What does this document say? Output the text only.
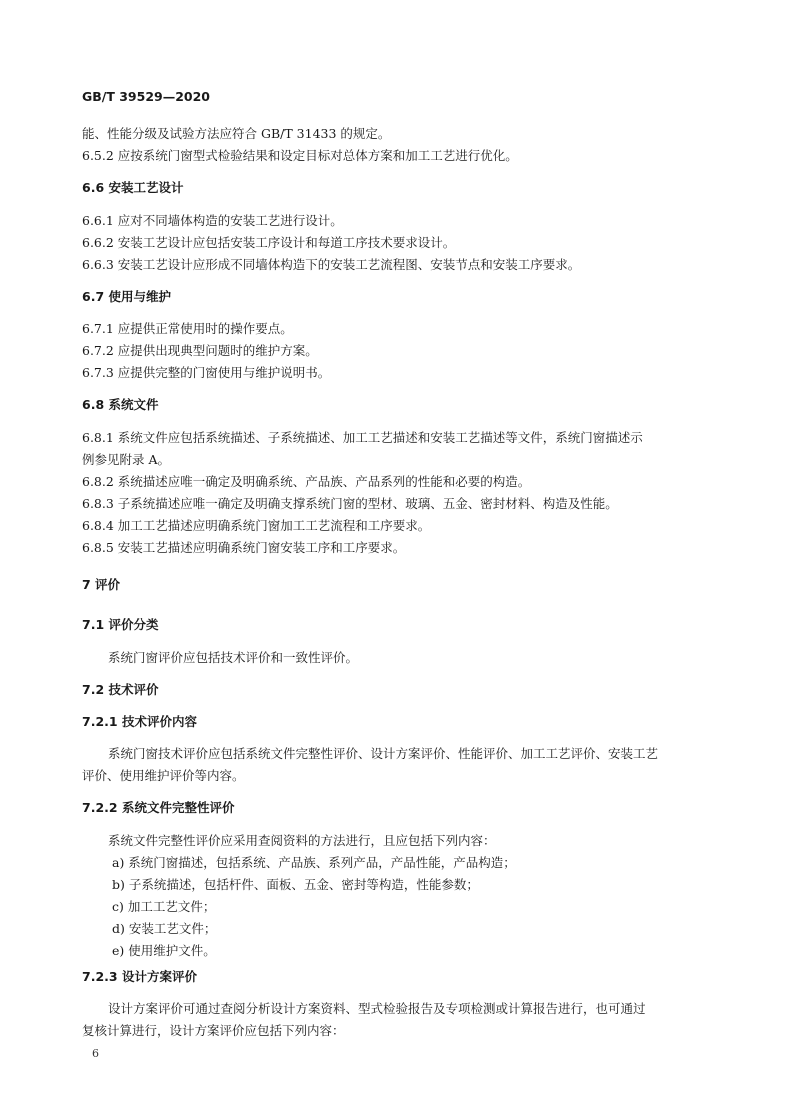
GB/T 39529—2020
能、性能分级及试验方法应符合 GB/T 31433 的规定。
6.5.2 应按系统门窗型式检验结果和设定目标对总体方案和加工工艺进行优化。
6.6 安装工艺设计
6.6.1 应对不同墙体构造的安装工艺进行设计。
6.6.2 安装工艺设计应包括安装工序设计和每道工序技术要求设计。
6.6.3 安装工艺设计应形成不同墙体构造下的安装工艺流程图、安装节点和安装工序要求。
6.7 使用与维护
6.7.1 应提供正常使用时的操作要点。
6.7.2 应提供出现典型问题时的维护方案。
6.7.3 应提供完整的门窗使用与维护说明书。
6.8 系统文件
6.8.1 系统文件应包括系统描述、子系统描述、加工工艺描述和安装工艺描述等文件，系统门窗描述示
例参见附录 A。
6.8.2 系统描述应唯一确定及明确系统、产品族、产品系列的性能和必要的构造。
6.8.3 子系统描述应唯一确定及明确支撑系统门窗的型材、玻璃、五金、密封材料、构造及性能。
6.8.4 加工工艺描述应明确系统门窗加工工艺流程和工序要求。
6.8.5 安装工艺描述应明确系统门窗安装工序和工序要求。
7 评价
7.1 评价分类
系统门窗评价应包括技术评价和一致性评价。
7.2 技术评价
7.2.1 技术评价内容
系统门窗技术评价应包括系统文件完整性评价、设计方案评价、性能评价、加工工艺评价、安装工艺
评价、使用维护评价等内容。
7.2.2 系统文件完整性评价
系统文件完整性评价应采用查阅资料的方法进行，且应包括下列内容：
a) 系统门窗描述，包括系统、产品族、系列产品，产品性能，产品构造；
b) 子系统描述，包括杆件、面板、五金、密封等构造，性能参数；
c) 加工工艺文件；
d) 安装工艺文件；
e) 使用维护文件。
7.2.3 设计方案评价
设计方案评价可通过查阅分析设计方案资料、型式检验报告及专项检测或计算报告进行，也可通过
复核计算进行，设计方案评价应包括下列内容：
6
